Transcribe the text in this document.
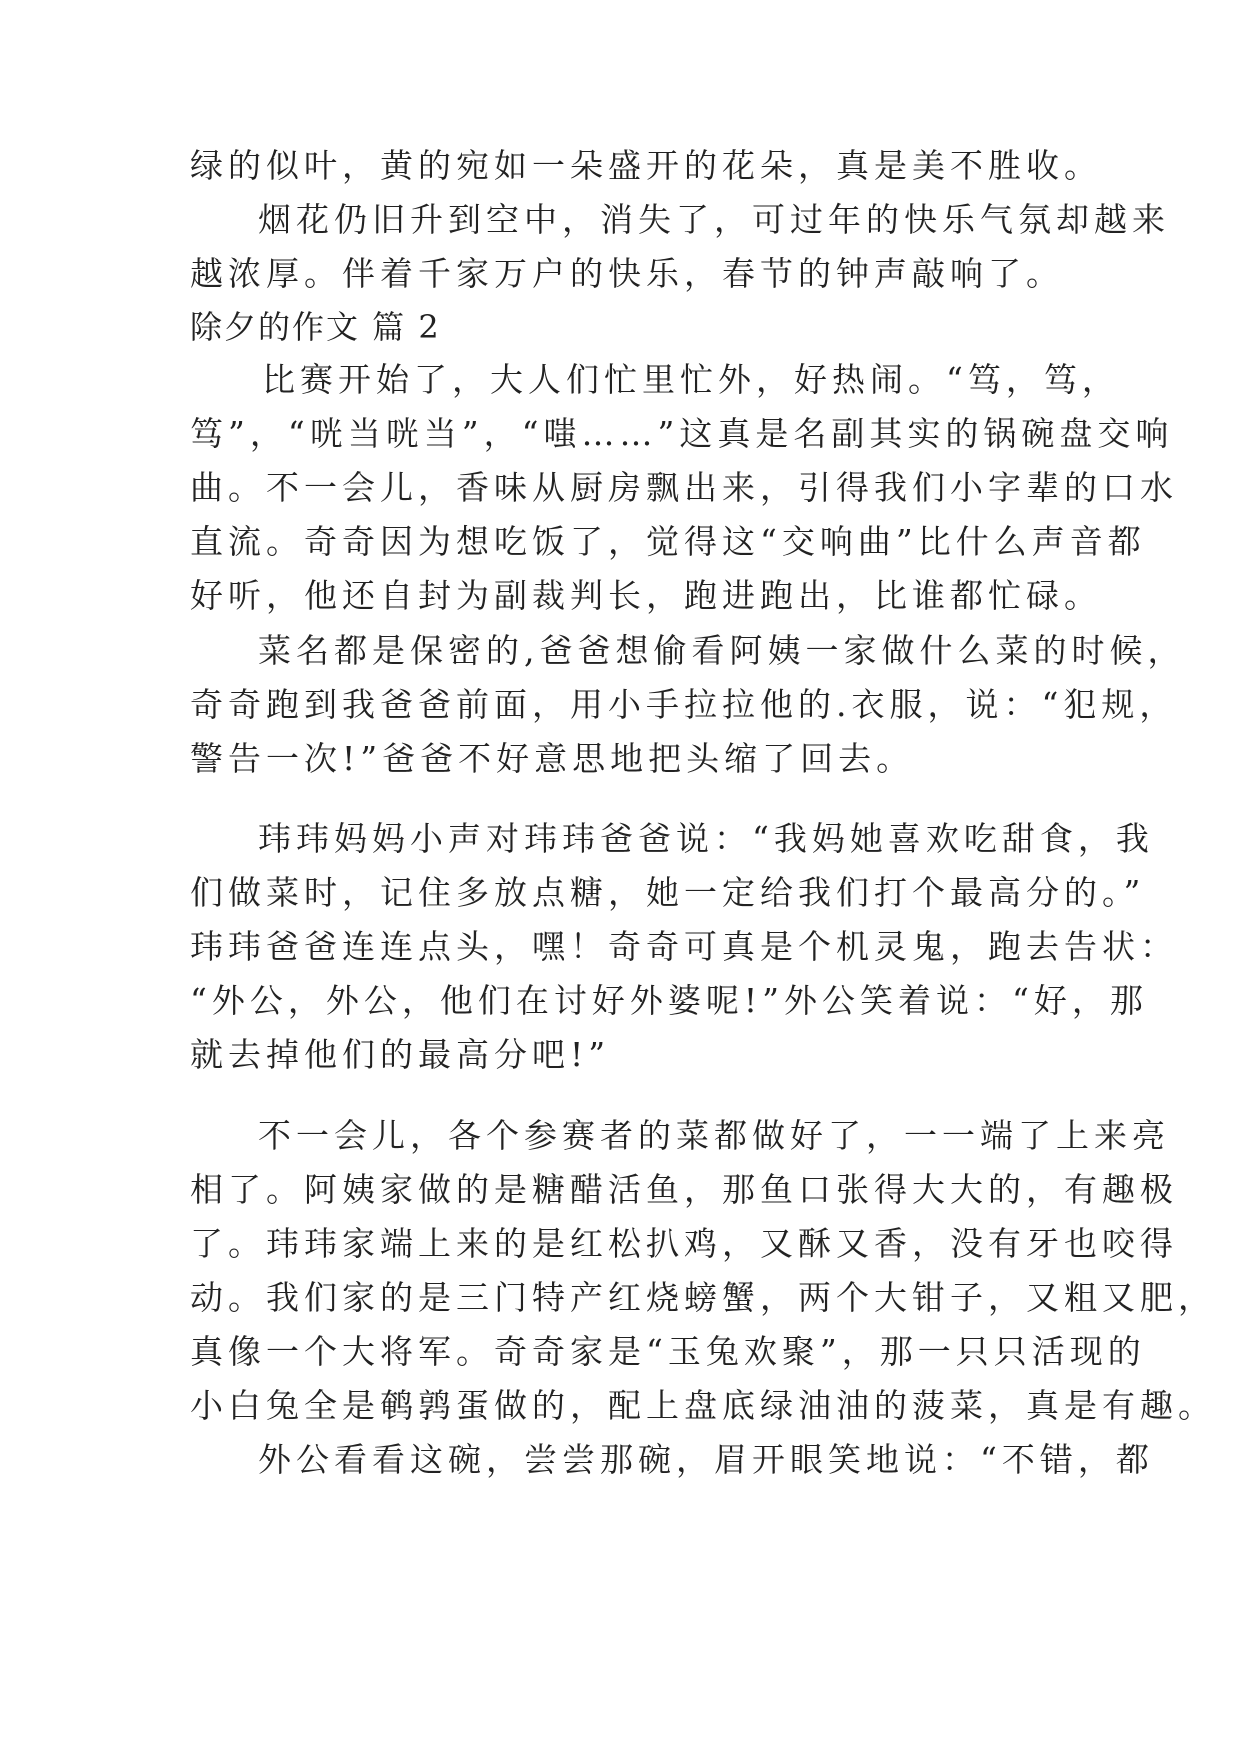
绿的似叶，黄的宛如一朵盛开的花朵，真是美不胜收。
烟花仍旧升到空中，消失了，可过年的快乐气氛却越来
越浓厚。伴着千家万户的快乐，春节的钟声敲响了。
除夕的作文 篇 2
比赛开始了，大人们忙里忙外，好热闹。“笃，笃，
笃”，“咣当咣当”，“嗤……”这真是名副其实的锅碗盘交响
曲。不一会儿，香味从厨房飘出来，引得我们小字辈的口水
直流。奇奇因为想吃饭了，觉得这“交响曲”比什么声音都
好听，他还自封为副裁判长，跑进跑出，比谁都忙碌。
菜名都是保密的,爸爸想偷看阿姨一家做什么菜的时候，
奇奇跑到我爸爸前面，用小手拉拉他的.衣服，说：“犯规，
警告一次!”爸爸不好意思地把头缩了回去。
玮玮妈妈小声对玮玮爸爸说：“我妈她喜欢吃甜食，我
们做菜时，记住多放点糖，她一定给我们打个最高分的。”
玮玮爸爸连连点头，嘿！奇奇可真是个机灵鬼，跑去告状：
“外公，外公，他们在讨好外婆呢!”外公笑着说：“好，那
就去掉他们的最高分吧!”
不一会儿，各个参赛者的菜都做好了，一一端了上来亮
相了。阿姨家做的是糖醋活鱼，那鱼口张得大大的，有趣极
了。玮玮家端上来的是红松扒鸡，又酥又香，没有牙也咬得
动。我们家的是三门特产红烧螃蟹，两个大钳子，又粗又肥，
真像一个大将军。奇奇家是“玉兔欢聚”，那一只只活现的
小白兔全是鹌鹑蛋做的，配上盘底绿油油的菠菜，真是有趣。
外公看看这碗，尝尝那碗，眉开眼笑地说：“不错，都
